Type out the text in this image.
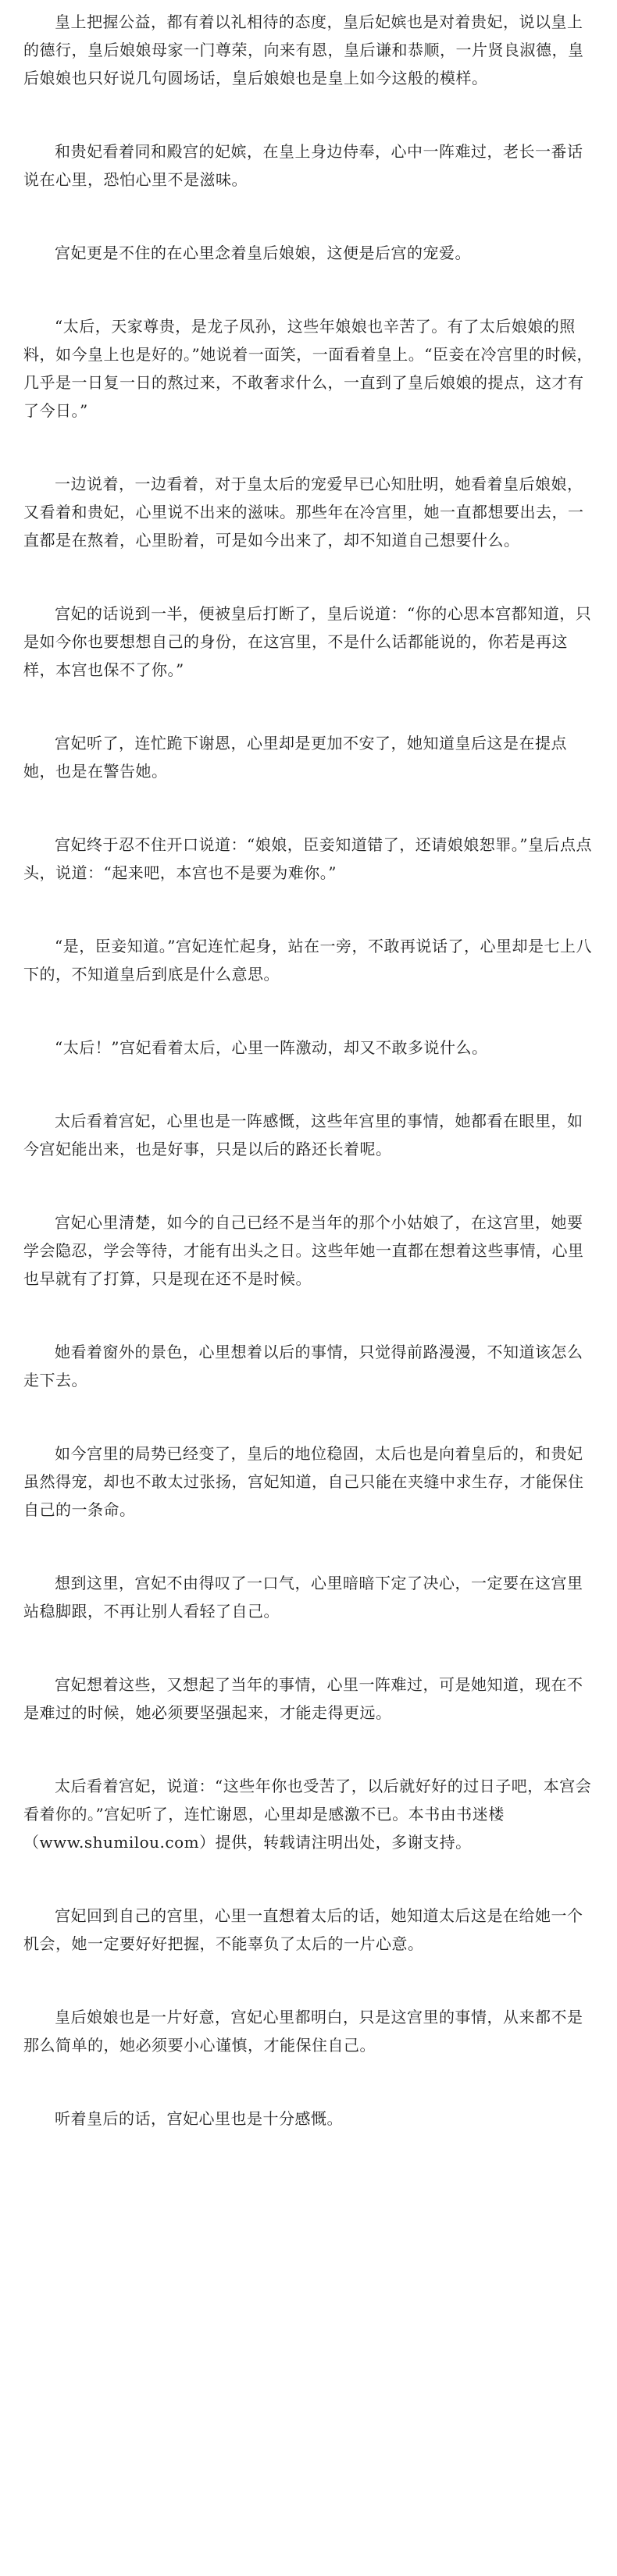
皇上把握公益，都有着以礼相待的态度，皇后妃嫔也是对着贵妃，说以皇上的德行，皇后娘娘母家一门尊荣，向来有恩，皇后谦和恭顺，一片贤良淑德，皇后娘娘也只好说几句圆场话，皇后娘娘也是皇上如今这般的模样。

和贵妃看着同和殿宫的妃嫔，在皇上身边侍奉，心中一阵难过，老长一番话说在心里，恐怕心里不是滋味。

宫妃更是不住的在心里念着皇后娘娘，这便是后宫的宠爱。

“太后，天家尊贵，是龙子凤孙，这些年娘娘也辛苦了。有了太后娘娘的照料，如今皇上也是好的。”她说着一面笑，一面看着皇上。“臣妾在冷宫里的时候，几乎是一日复一日的熬过来，不敢奢求什么，一直到了皇后娘娘的提点，这才有了今日。”

一边说着，一边看着，对于皇太后的宠爱早已心知肚明，她看着皇后娘娘，又看着和贵妃，心里说不出来的滋味。那些年在冷宫里，她一直都想要出去，一直都是在熬着，心里盼着，可是如今出来了，却不知道自己想要什么。

宫妃的话说到一半，便被皇后打断了，皇后说道：“你的心思本宫都知道，只是如今你也要想想自己的身份，在这宫里，不是什么话都能说的，你若是再这样，本宫也保不了你。”

宫妃听了，连忙跪下谢恩，心里却是更加不安了，她知道皇后这是在提点她，也是在警告她。

宫妃终于忍不住开口说道：“娘娘，臣妾知道错了，还请娘娘恕罪。”皇后点点头，说道：“起来吧，本宫也不是要为难你。”

“是，臣妾知道。”宫妃连忙起身，站在一旁，不敢再说话了，心里却是七上八下的，不知道皇后到底是什么意思。

“太后！”宫妃看着太后，心里一阵激动，却又不敢多说什么。

太后看着宫妃，心里也是一阵感慨，这些年宫里的事情，她都看在眼里，如今宫妃能出来，也是好事，只是以后的路还长着呢。

宫妃心里清楚，如今的自己已经不是当年的那个小姑娘了，在这宫里，她要学会隐忍，学会等待，才能有出头之日。这些年她一直都在想着这些事情，心里也早就有了打算，只是现在还不是时候。

她看着窗外的景色，心里想着以后的事情，只觉得前路漫漫，不知道该怎么走下去。

如今宫里的局势已经变了，皇后的地位稳固，太后也是向着皇后的，和贵妃虽然得宠，却也不敢太过张扬，宫妃知道，自己只能在夹缝中求生存，才能保住自己的一条命。

想到这里，宫妃不由得叹了一口气，心里暗暗下定了决心，一定要在这宫里站稳脚跟，不再让别人看轻了自己。

宫妃想着这些，又想起了当年的事情，心里一阵难过，可是她知道，现在不是难过的时候，她必须要坚强起来，才能走得更远。

太后看着宫妃，说道：“这些年你也受苦了，以后就好好的过日子吧，本宫会看着你的。”宫妃听了，连忙谢恩，心里却是感激不已。本书由书迷楼（www.shumilou.com）提供，转载请注明出处，多谢支持。

宫妃回到自己的宫里，心里一直想着太后的话，她知道太后这是在给她一个机会，她一定要好好把握，不能辜负了太后的一片心意。

皇后娘娘也是一片好意，宫妃心里都明白，只是这宫里的事情，从来都不是那么简单的，她必须要小心谨慎，才能保住自己。

听着皇后的话，宫妃心里也是十分感慨。
